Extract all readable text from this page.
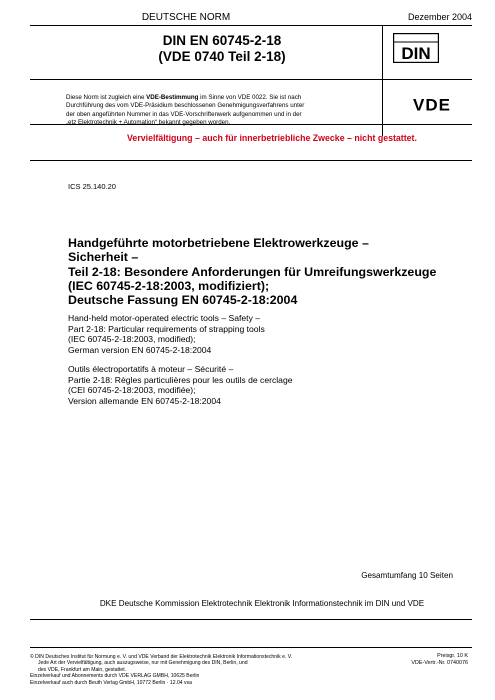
DEUTSCHE NORM	Dezember 2004
DIN EN 60745-2-18
(VDE 0740 Teil 2-18)	DIN
Diese Norm ist zugleich eine VDE-Bestimmung im Sinne von VDE 0022. Sie ist nach
Durchführung des vom VDE-Präsidium beschlossenen Genehmigungsverfahrens unter
der oben angeführten Nummer in das VDE-Vorschriftenwerk aufgenommen und in der
„etz Elektrotechnik + Automation“ bekannt gegeben worden.
VDE
Vervielfältigung – auch für innerbetriebliche Zwecke – nicht gestattet.
ICS 25.140.20
Handgeführte motorbetriebene Elektrowerkzeuge –
Sicherheit –
Teil 2-18: Besondere Anforderungen für Umreifungswerkzeuge
(IEC 60745-2-18:2003, modifiziert);
Deutsche Fassung EN 60745-2-18:2004
Hand-held motor-operated electric tools – Safety –
Part 2-18: Particular requirements of strapping tools
(IEC 60745-2-18:2003, modified);
German version EN 60745-2-18:2004
Outils électroportatifs à moteur – Sécurité –
Partie 2-18: Règles particulières pour les outils de cerclage
(CEI 60745-2-18:2003, modifiée);
Version allemande EN 60745-2-18:2004
Gesamtumfang 10 Seiten
DKE Deutsche Kommission Elektrotechnik Elektronik Informationstechnik im DIN und VDE
© DIN Deutsches Institut für Normung e. V. und VDE Verband der Elektrotechnik Elektronik Informationstechnik e. V.
Jede Art der Vervielfältigung, auch auszugsweise, nur mit Genehmigung des DIN, Berlin, und
des VDE, Frankfurt am Main, gestattet.
Einzelverkauf und Abonnements durch VDE VERLAG GMBH, 10625 Berlin
Einzelverkauf auch durch Beuth Verlag GmbH, 10772 Berlin · 12.04 vsa
Preisgr. 10 K
VDE-Vertr.-Nr. 0740076
